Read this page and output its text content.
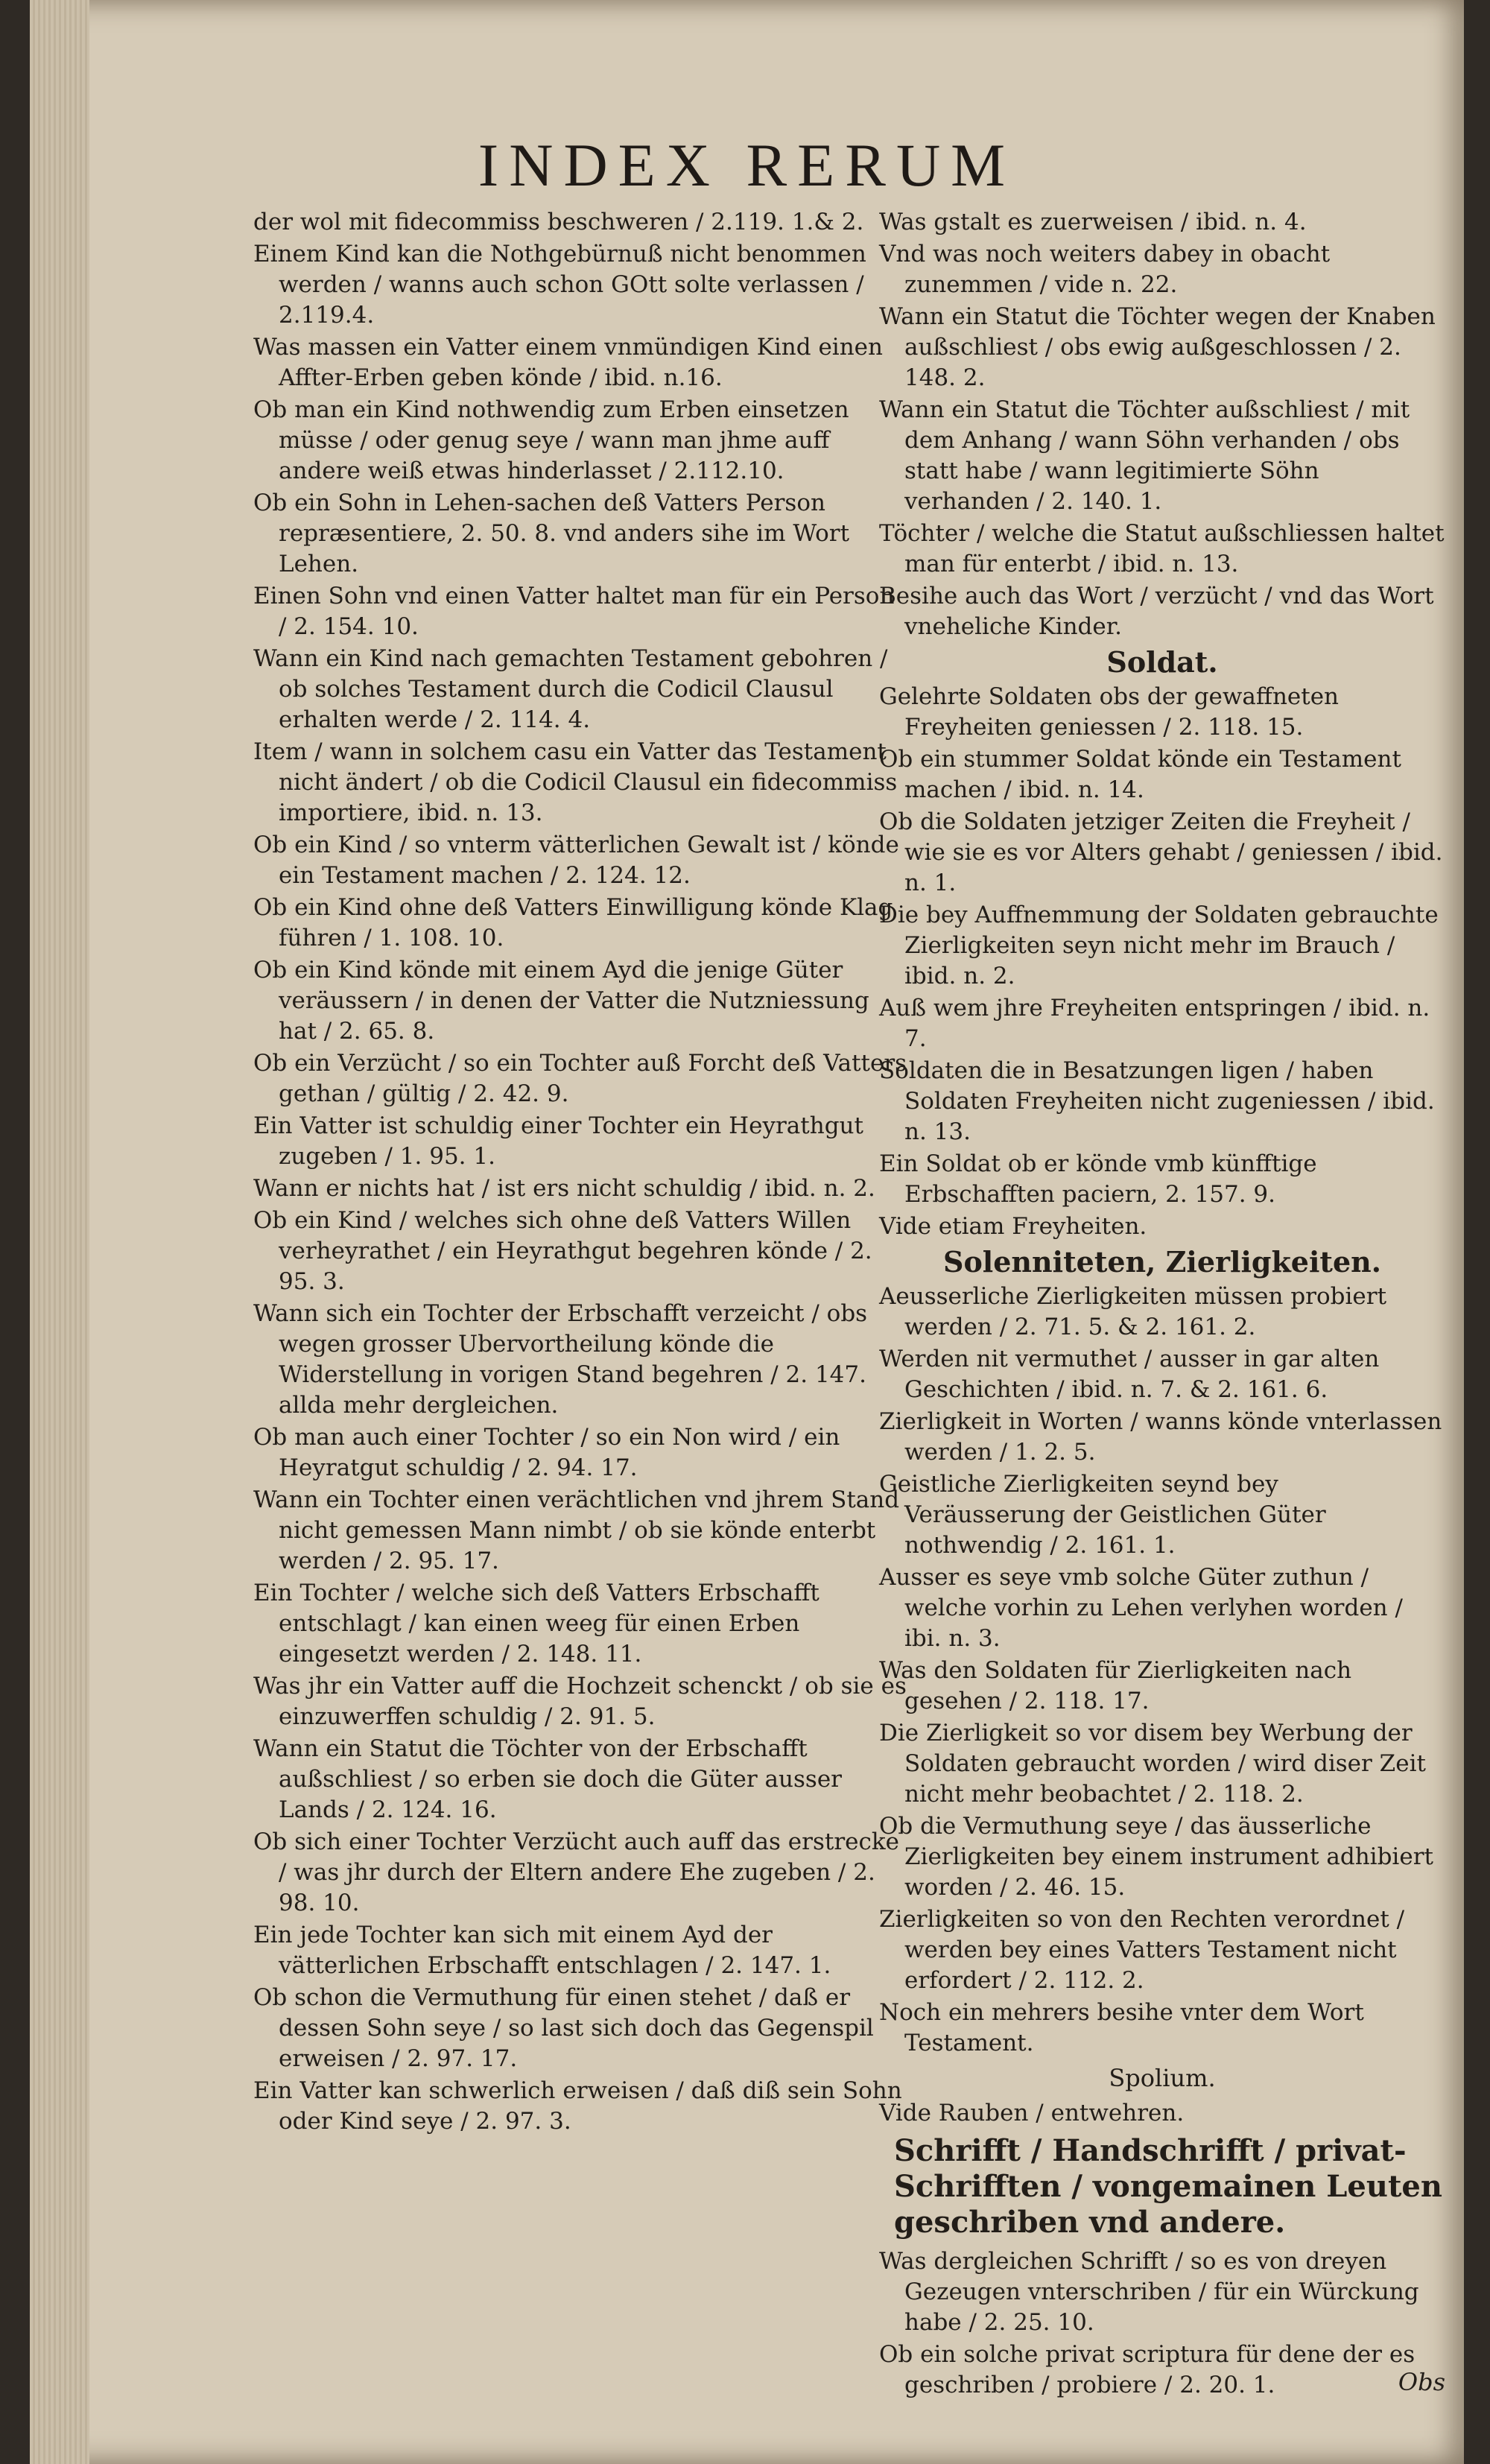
INDEX RERUM
der wol mit fidecommiss beschweren / 2.119. 1.& 2.
Einem Kind kan die Nothgebürnuß nicht benommen werden / wanns auch schon GOtt solte verlassen / 2.119.4.
Was massen ein Vatter einem vnmündigen Kind einen Affter-Erben geben könde / ibid. n.16.
Ob man ein Kind nothwendig zum Erben einsetzen müsse / oder genug seye / wann man jhme auff andere weiß etwas hinderlasset / 2.112.10.
Ob ein Sohn in Lehen-sachen deß Vatters Person repræsentiere, 2. 50. 8. vnd anders sihe im Wort Lehen.
Einen Sohn vnd einen Vatter haltet man für ein Person / 2. 154. 10.
Wann ein Kind nach gemachten Testament gebohren / ob solches Testament durch die Codicil Clausul erhalten werde / 2. 114. 4.
Item / wann in solchem casu ein Vatter das Testament nicht ändert / ob die Codicil Clausul ein fidecommiss importiere, ibid. n. 13.
Ob ein Kind / so vnterm vätterlichen Gewalt ist / könde ein Testament machen / 2. 124. 12.
Ob ein Kind ohne deß Vatters Einwilligung könde Klag führen / 1. 108. 10.
Ob ein Kind könde mit einem Ayd die jenige Güter veräussern / in denen der Vatter die Nutzniessung hat / 2. 65. 8.
Ob ein Verzücht / so ein Tochter auß Forcht deß Vatters gethan / gültig / 2. 42. 9.
Ein Vatter ist schuldig einer Tochter ein Heyrathgut zugeben / 1. 95. 1.
Wann er nichts hat / ist ers nicht schuldig / ibid. n. 2.
Ob ein Kind / welches sich ohne deß Vatters Willen verheyrathet / ein Heyrathgut begehren könde / 2. 95. 3.
Wann sich ein Tochter der Erbschafft verzeicht / obs wegen grosser Ubervortheilung könde die Widerstellung in vorigen Stand begehren / 2. 147. allda mehr dergleichen.
Ob man auch einer Tochter / so ein Non wird / ein Heyratgut schuldig / 2. 94. 17.
Wann ein Tochter einen verächtlichen vnd jhrem Stand nicht gemessen Mann nimbt / ob sie könde enterbt werden / 2. 95. 17.
Ein Tochter / welche sich deß Vatters Erbschafft entschlagt / kan einen weeg für einen Erben eingesetzt werden / 2. 148. 11.
Was jhr ein Vatter auff die Hochzeit schenckt / ob sie es einzuwerffen schuldig / 2. 91. 5.
Wann ein Statut die Töchter von der Erbschafft außschliest / so erben sie doch die Güter ausser Lands / 2. 124. 16.
Ob sich einer Tochter Verzücht auch auff das erstrecke / was jhr durch der Eltern andere Ehe zugeben / 2. 98. 10.
Ein jede Tochter kan sich mit einem Ayd der vätterlichen Erbschafft entschlagen / 2. 147. 1.
Ob schon die Vermuthung für einen stehet / daß er dessen Sohn seye / so last sich doch das Gegenspil erweisen / 2. 97. 17.
Ein Vatter kan schwerlich erweisen / daß diß sein Sohn oder Kind seye / 2. 97. 3.
Was gstalt es zuerweisen / ibid. n. 4.
Vnd was noch weiters dabey in obacht zunemmen / vide n. 22.
Wann ein Statut die Töchter wegen der Knaben außschliest / obs ewig außgeschlossen / 2. 148. 2.
Wann ein Statut die Töchter außschliest / mit dem Anhang / wann Söhn verhanden / obs statt habe / wann legitimierte Söhn verhanden / 2. 140. 1.
Töchter / welche die Statut außschliessen haltet man für enterbt / ibid. n. 13.
Besihe auch das Wort / verzücht / vnd das Wort vneheliche Kinder.
Soldat.
Gelehrte Soldaten obs der gewaffneten Freyheiten geniessen / 2. 118. 15.
Ob ein stummer Soldat könde ein Testament machen / ibid. n. 14.
Ob die Soldaten jetziger Zeiten die Freyheit / wie sie es vor Alters gehabt / geniessen / ibid. n. 1.
Die bey Auffnemmung der Soldaten gebrauchte Zierligkeiten seyn nicht mehr im Brauch / ibid. n. 2.
Auß wem jhre Freyheiten entspringen / ibid. n. 7.
Soldaten die in Besatzungen ligen / haben Soldaten Freyheiten nicht zugeniessen / ibid. n. 13.
Ein Soldat ob er könde vmb künfftige Erbschafften paciern, 2. 157. 9.
Vide etiam Freyheiten.
Solenniteten, Zierligkeiten.
Aeusserliche Zierligkeiten müssen probiert werden / 2. 71. 5. & 2. 161. 2.
Werden nit vermuthet / ausser in gar alten Geschichten / ibid. n. 7. & 2. 161. 6.
Zierligkeit in Worten / wanns könde vnterlassen werden / 1. 2. 5.
Geistliche Zierligkeiten seynd bey Veräusserung der Geistlichen Güter nothwendig / 2. 161. 1.
Ausser es seye vmb solche Güter zuthun / welche vorhin zu Lehen verlyhen worden / ibi. n. 3.
Was den Soldaten für Zierligkeiten nach gesehen / 2. 118. 17.
Die Zierligkeit so vor disem bey Werbung der Soldaten gebraucht worden / wird diser Zeit nicht mehr beobachtet / 2. 118. 2.
Ob die Vermuthung seye / das äusserliche Zierligkeiten bey einem instrument adhibiert worden / 2. 46. 15.
Zierligkeiten so von den Rechten verordnet / werden bey eines Vatters Testament nicht erfordert / 2. 112. 2.
Noch ein mehrers besihe vnter dem Wort Testament.
Spolium.
Vide Rauben / entwehren.
Schrifft / Handschrifft / privat-Schrifften / vongemainen Leuten geschriben vnd andere.
Was dergleichen Schrifft / so es von dreyen Gezeugen vnterschriben / für ein Würckung habe / 2. 25. 10.
Ob ein solche privat scriptura für dene der es geschriben / probiere / 2. 20. 1.	Obs
